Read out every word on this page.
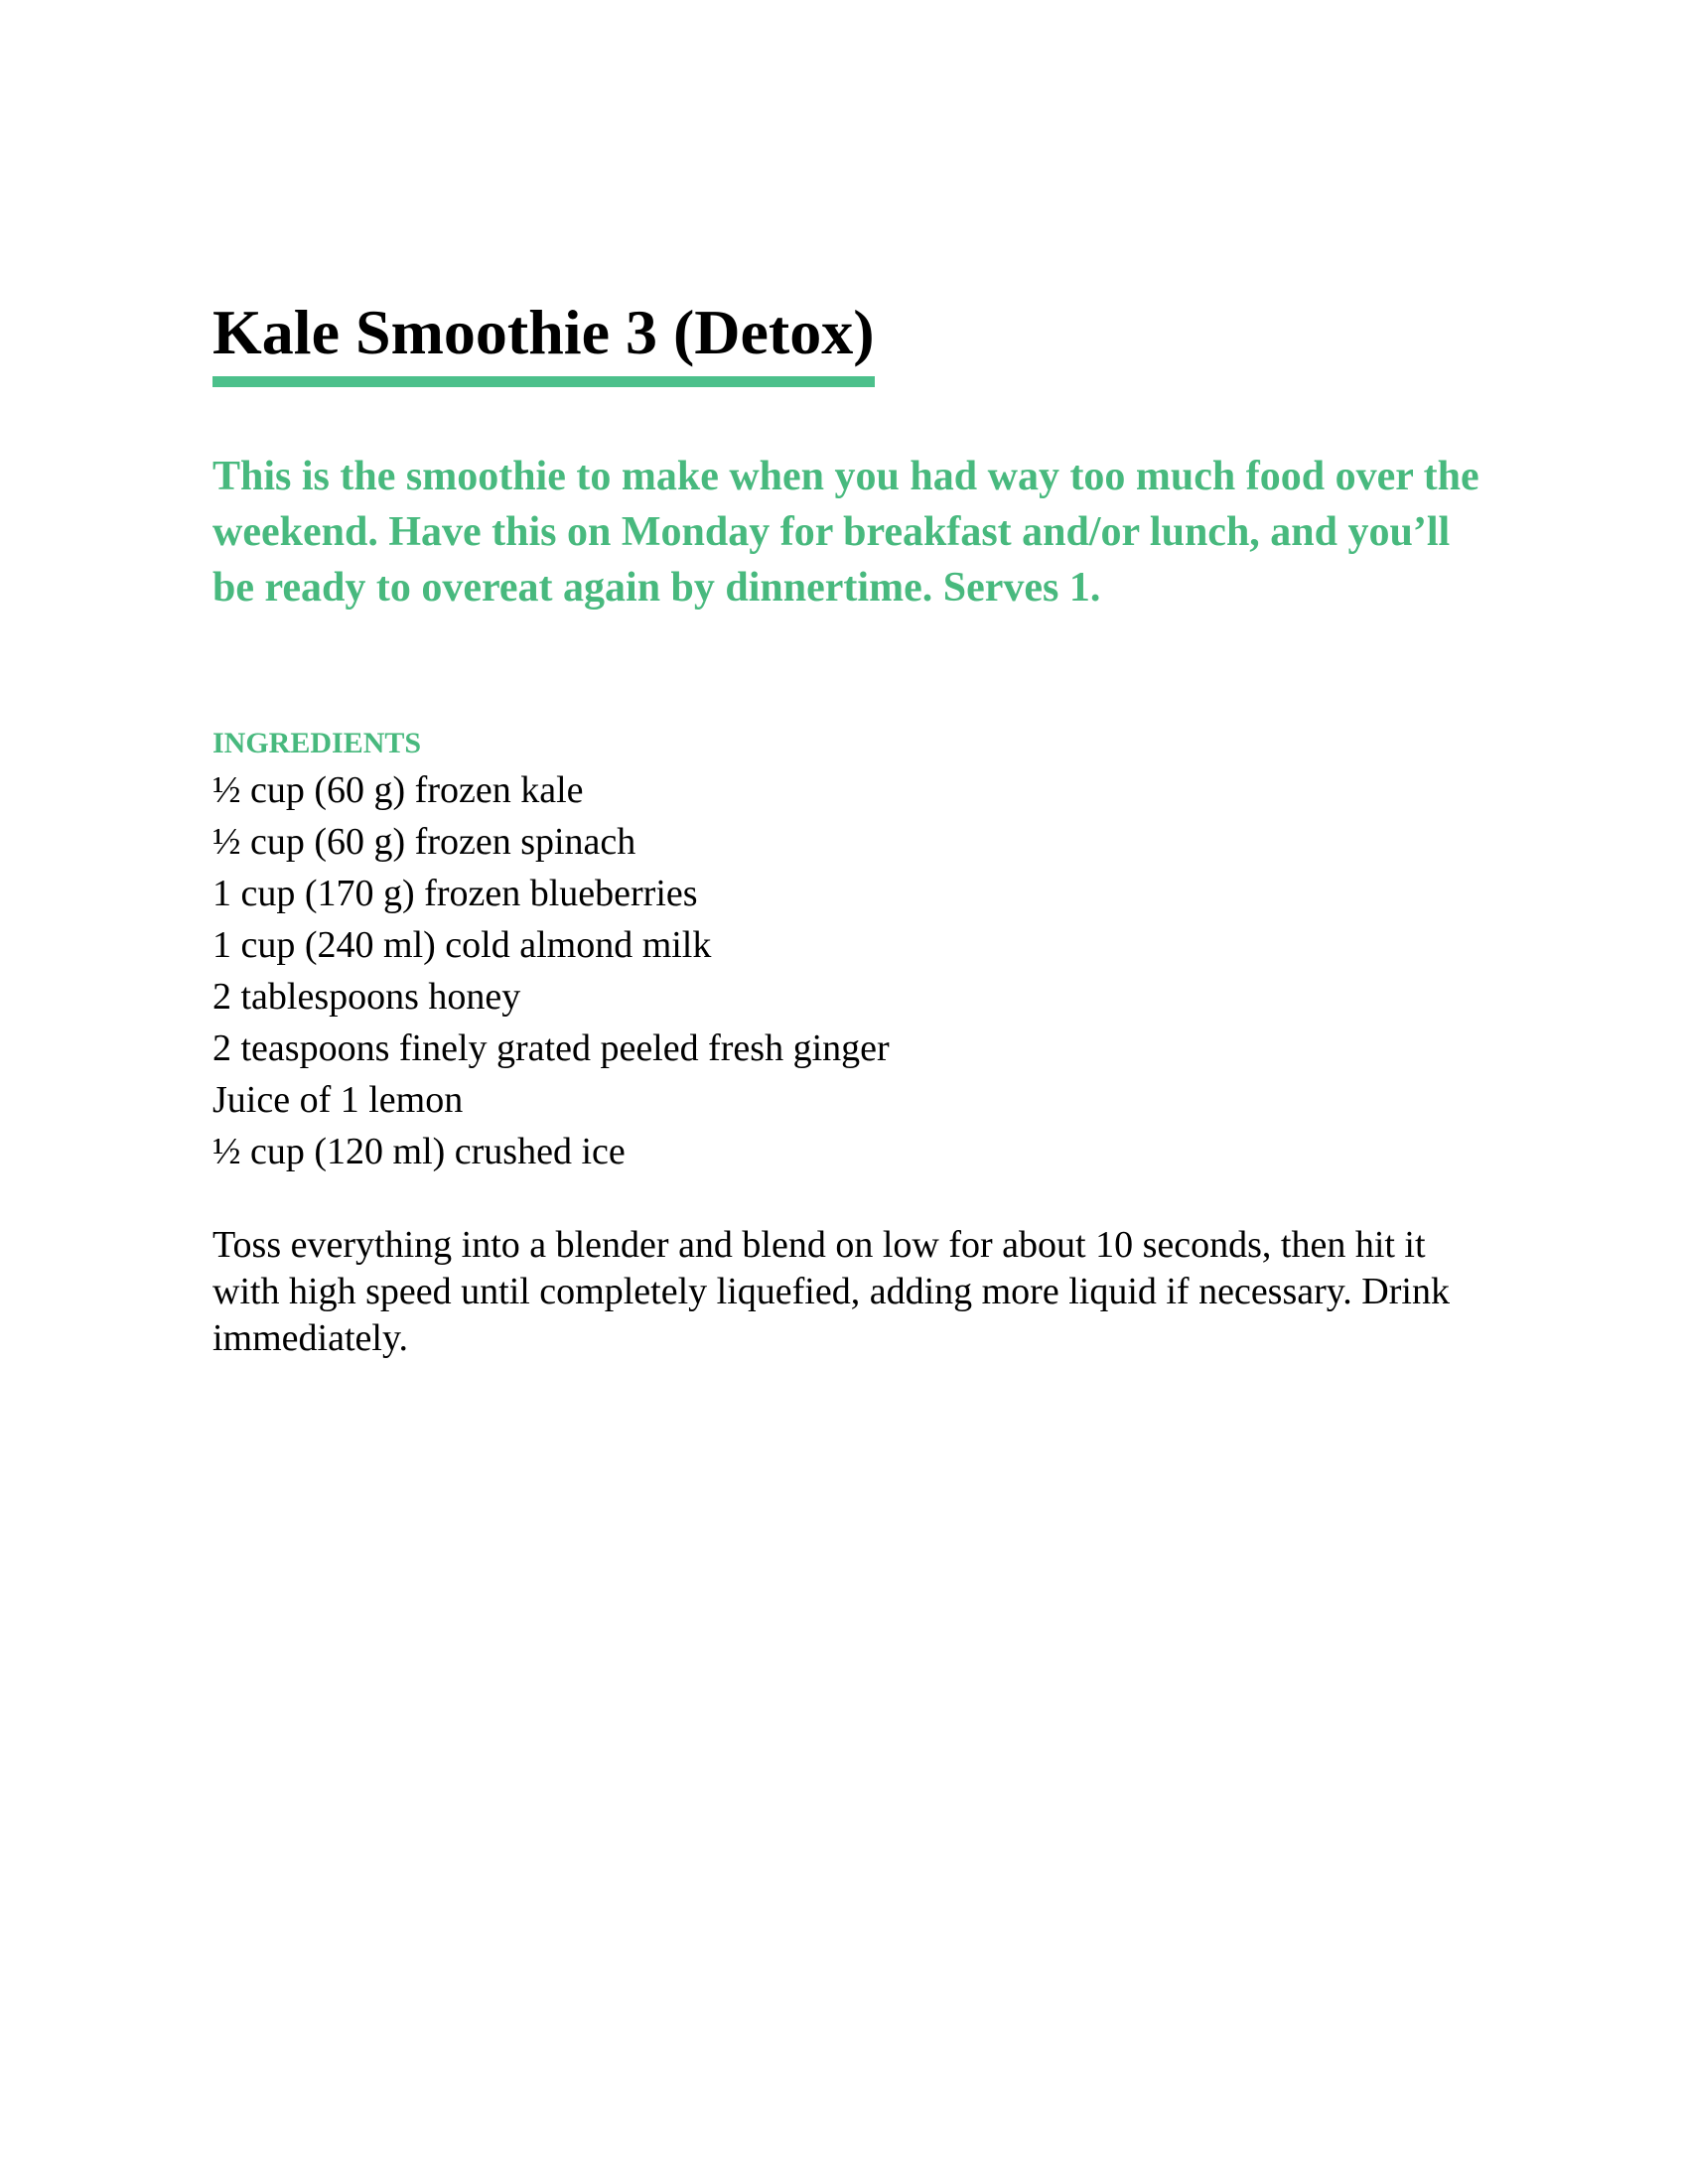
Kale Smoothie 3 (Detox)

This is the smoothie to make when you had way too much food over the weekend. Have this on Monday for breakfast and/or lunch, and you’ll be ready to overeat again by dinnertime. Serves 1.

INGREDIENTS
½ cup (60 g) frozen kale
½ cup (60 g) frozen spinach
1 cup (170 g) frozen blueberries
1 cup (240 ml) cold almond milk
2 tablespoons honey
2 teaspoons finely grated peeled fresh ginger
Juice of 1 lemon
½ cup (120 ml) crushed ice

Toss everything into a blender and blend on low for about 10 seconds, then hit it with high speed until completely liquefied, adding more liquid if necessary. Drink immediately.
